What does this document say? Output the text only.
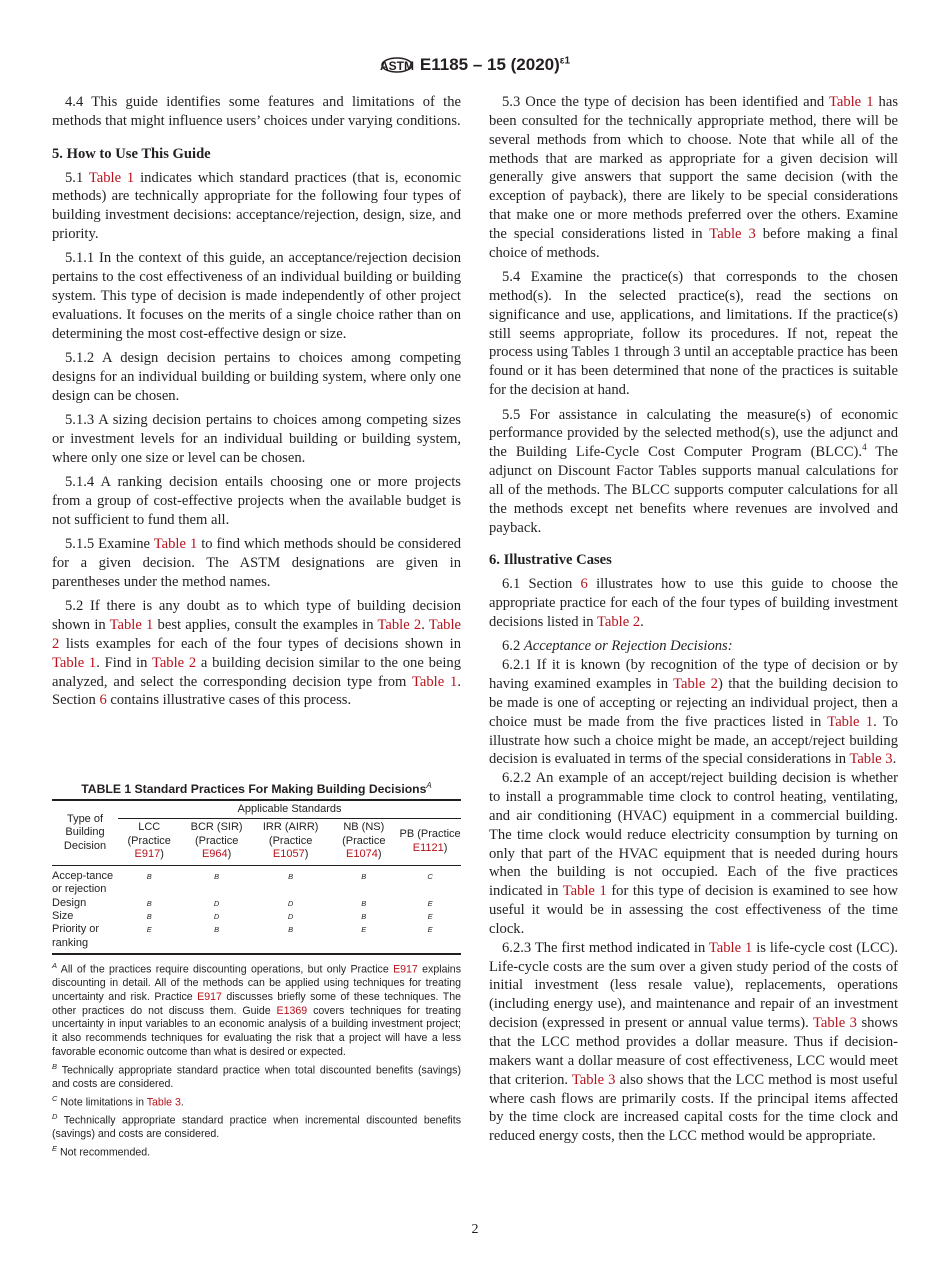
ASTM E1185 – 15 $(2020)^{\varepsilon 1}$

4.4 This guide identifies some features and limitations of the methods that might influence users’ choices under varying conditions.

5. How to Use This Guide

5.1 Table 1 indicates which standard practices (that is, economic methods) are technically appropriate for the following four types of building investment decisions: acceptance/rejection, design, size, and priority.

5.1.1 In the context of this guide, an acceptance/rejection decision pertains to the cost effectiveness of an individual building or building system. This type of decision is made independently of other project evaluations. It focuses on the merits of a single choice rather than on determining the most cost-effective design or size.

5.1.2 A design decision pertains to choices among competing designs for an individual building or building system, where only one design can be chosen.

5.1.3 A sizing decision pertains to choices among competing sizes or investment levels for an individual building or building system, where only one size or level can be chosen.

5.1.4 A ranking decision entails choosing one or more projects from a group of cost-effective projects when the available budget is not sufficient to fund them all.

5.1.5 Examine Table 1 to find which methods should be considered for a given decision. The ASTM designations are given in parentheses under the method names.

5.2 If there is any doubt as to which type of building decision shown in Table 1 best applies, consult the examples in Table 2. Table 2 lists examples for each of the four types of decisions shown in Table 1. Find in Table 2 a building decision similar to the one being analyzed, and select the corresponding decision type from Table 1. Section 6 contains illustrative cases of this process.

5.3 Once the type of decision has been identified and Table 1 has been consulted for the technically appropriate method, there will be several methods from which to choose. Note that while all of the methods that are marked as appropriate for a given decision will generally give answers that support the same decision (with the exception of payback), there are likely to be special considerations that make one or more methods preferred over the others. Examine the special considerations listed in Table 3 before making a final choice of methods.

5.4 Examine the practice(s) that corresponds to the chosen method(s). In the selected practice(s), read the sections on significance and use, applications, and limitations. If the practice(s) still seems appropriate, follow its procedures. If not, repeat the process using Tables 1 through 3 until an acceptable practice has been found or it has been determined that none of the practices is suitable for the decision at hand.

5.5 For assistance in calculating the measure(s) of economic performance provided by the selected method(s), use the adjunct and the Building Life-Cycle Cost Computer Program (BLCC).$^4$ The adjunct on Discount Factor Tables supports manual calculations for all of the methods. The BLCC supports computer calculations for all the methods except net benefits where revenues are involved and payback.

6. Illustrative Cases

6.1 Section 6 illustrates how to use this guide to choose the appropriate practice for each of the four types of building investment decisions listed in Table 2.

6.2 Acceptance or Rejection Decisions:

6.2.1 If it is known (by recognition of the type of decision or by having examined examples in Table 2) that the building decision to be made is one of accepting or rejecting an individual project, then a choice must be made from the five practices listed in Table 1. To illustrate how such a choice might be made, an accept/reject building decision is evaluated in terms of the special considerations in Table 3.

6.2.2 An example of an accept/reject building decision is whether to install a programmable time clock to control heating, ventilating, and air conditioning (HVAC) equipment in a commercial building. The time clock would reduce electricity consumption by turning on only that part of the HVAC equipment that is needed during hours when the building is not occupied. Each of the five practices indicated in Table 1 for this type of decision is examined to see how useful it would be in assessing the cost effectiveness of the time clock.

6.2.3 The first method indicated in Table 1 is life-cycle cost (LCC). Life-cycle costs are the sum over a given study period of the costs of initial investment (less resale value), replacements, operations (including energy use), and maintenance and repair of an investment decision (expressed in present or annual value terms). Table 3 shows that the LCC method provides a dollar measure. Thus if decision-makers want a dollar measure of cost effectiveness, LCC would meet that criterion. Table 3 also shows that the LCC method is most useful where cash flows are primarily costs. If the principal items affected by the time clock are increased capital costs for the time clock and reduced energy costs, then the LCC method would be appropriate.

TABLE 1 Standard Practices For Making Building Decisions$^A$
Type of Building Decision	Applicable Standards				
	LCC (Practice E917)	BCR (SIR) (Practice E964)	IRR (AIRR) (Practice E1057)	NB (NS) (Practice E1074)	PB (Practice E1121)
Accep-tance or rejection	B	B	B	B	C
Design	B	D	D	B	E
Size	B	D	D	B	E
Priority or ranking	E	B	B	E	E
$^A$ All of the practices require discounting operations, but only Practice E917 explains discounting in detail. All of the methods can be applied using techniques for treating uncertainty and risk. Practice E917 discusses briefly some of these techniques. The other practices do not discuss them. Guide E1369 covers techniques for treating uncertainty in input variables to an economic analysis of a building investment project; it also recommends techniques for evaluating the risk that a project will have a less favorable economic outcome than what is desired or expected.
$^B$ Technically appropriate standard practice when total discounted benefits (savings) and costs are considered.
$^C$ Note limitations in Table 3.
$^D$ Technically appropriate standard practice when incremental discounted benefits (savings) and costs are considered.
$^E$ Not recommended.
2
